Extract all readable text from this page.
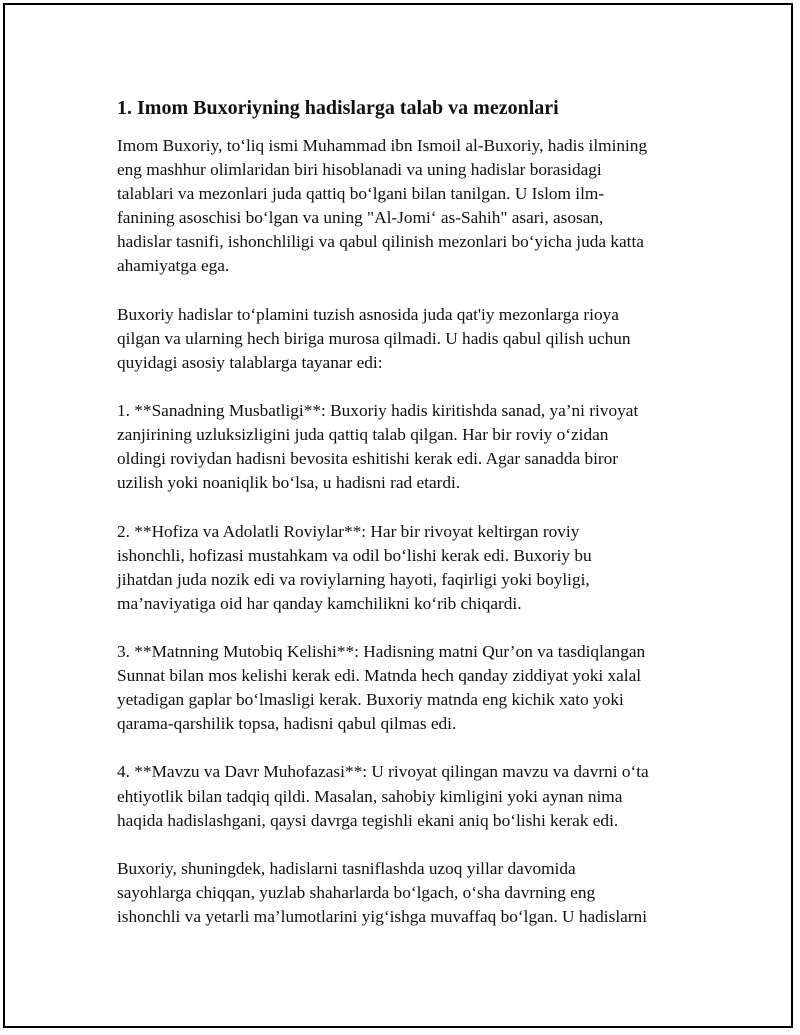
1. Imom Buxoriyning hadislarga talab va mezonlari

Imom Buxoriy, to‘liq ismi Muhammad ibn Ismoil al-Buxoriy, hadis ilmining
eng mashhur olimlaridan biri hisoblanadi va uning hadislar borasidagi
talablari va mezonlari juda qattiq bo‘lgani bilan tanilgan. U Islom ilm-
fanining asoschisi bo‘lgan va uning "Al-Jomi‘ as-Sahih" asari, asosan,
hadislar tasnifi, ishonchliligi va qabul qilinish mezonlari bo‘yicha juda katta
ahamiyatga ega.

Buxoriy hadislar to‘plamini tuzish asnosida juda qat'iy mezonlarga rioya
qilgan va ularning hech biriga murosa qilmadi. U hadis qabul qilish uchun
quyidagi asosiy talablarga tayanar edi:

1. **Sanadning Musbatligi**: Buxoriy hadis kiritishda sanad, ya’ni rivoyat
zanjirining uzluksizligini juda qattiq talab qilgan. Har bir roviy o‘zidan
oldingi roviydan hadisni bevosita eshitishi kerak edi. Agar sanadda biror
uzilish yoki noaniqlik bo‘lsa, u hadisni rad etardi.

2. **Hofiza va Adolatli Roviylar**: Har bir rivoyat keltirgan roviy
ishonchli, hofizasi mustahkam va odil bo‘lishi kerak edi. Buxoriy bu
jihatdan juda nozik edi va roviylarning hayoti, faqirligi yoki boyligi,
ma’naviyatiga oid har qanday kamchilikni ko‘rib chiqardi.

3. **Matnning Mutobiq Kelishi**: Hadisning matni Qur’on va tasdiqlangan
Sunnat bilan mos kelishi kerak edi. Matnda hech qanday ziddiyat yoki xalal
yetadigan gaplar bo‘lmasligi kerak. Buxoriy matnda eng kichik xato yoki
qarama-qarshilik topsa, hadisni qabul qilmas edi.

4. **Mavzu va Davr Muhofazasi**: U rivoyat qilingan mavzu va davrni o‘ta
ehtiyotlik bilan tadqiq qildi. Masalan, sahobiy kimligini yoki aynan nima
haqida hadislashgani, qaysi davrga tegishli ekani aniq bo‘lishi kerak edi.

Buxoriy, shuningdek, hadislarni tasniflashda uzoq yillar davomida
sayohlarga chiqqan, yuzlab shaharlarda bo‘lgach, o‘sha davrning eng
ishonchli va yetarli ma’lumotlarini yig‘ishga muvaffaq bo‘lgan. U hadislarni
